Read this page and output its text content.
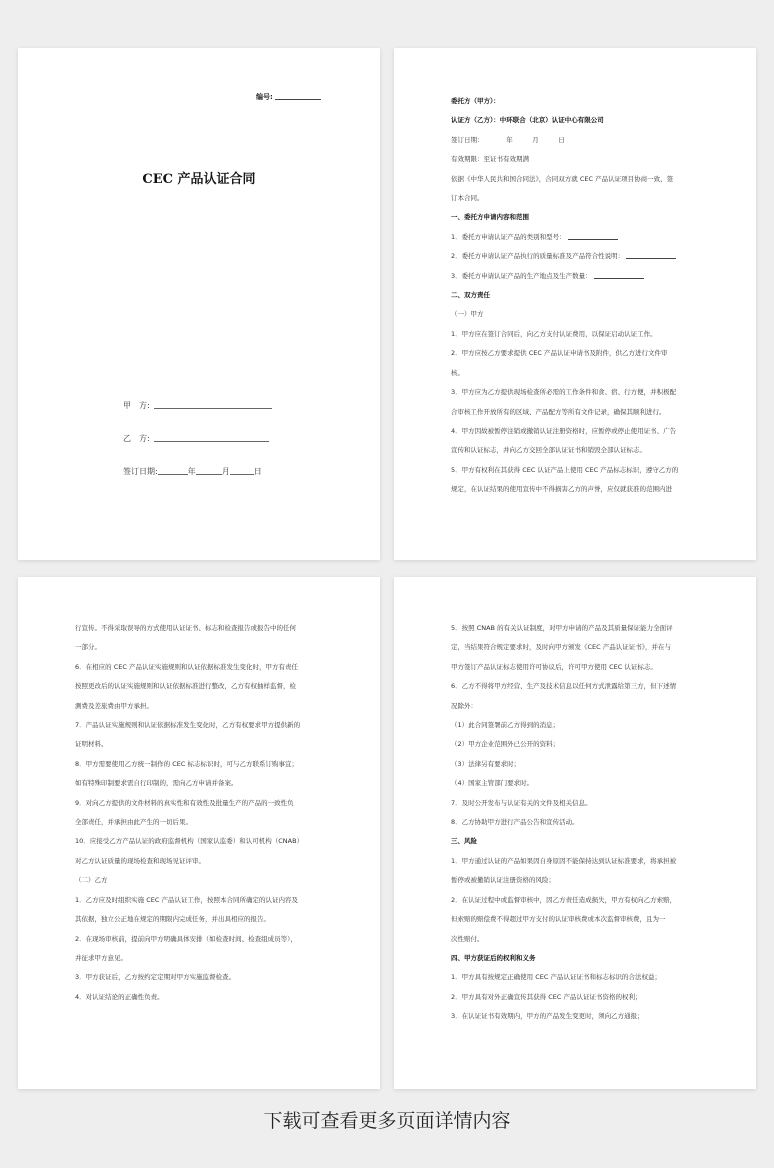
编号:
CEC 产品认证合同
甲　方:
乙　方:
签订日期:	年	月	日
委托方（甲方）：
认证方（乙方）：中环联合（北京）认证中心有限公司
签订日期：　　　　年　　　月　　　日
有效期限：至证书有效期满
依据《中华人民共和国合同法》，合同双方就 CEC 产品认证项目协商一致，签
订本合同。
一、委托方申请内容和范围
1．委托方申请认证产品的类别和型号：
2．委托方申请认证产品执行的质量标准及产品符合性说明：
3．委托方申请认证产品的生产地点及生产数量：
二、双方责任
（一）甲方
1．甲方应在签订合同后，向乙方支付认证费用，以保证启动认证工作。
2．甲方应按乙方要求提供 CEC 产品认证申请书及附件，供乙方进行文件审
核。
3．甲方应为乙方提供现场检查所必需的工作条件和食、宿、行方便，并积极配
合审核工作开放所有的区域、产品配方等所有文件记录，确保其顺利进行。
4．甲方因故被暂停注销或撤销认证注册资格时，应暂停或停止使用证书、广告
宣传和认证标志，并向乙方交回全部认证证书和销毁全部认证标志。
5．甲方有权利在其获得 CEC 认证产品上使用 CEC 产品标志标识，遵守乙方的
规定，在认证结果的使用宣传中不得损害乙方的声誉，应仅就获准的范围内进
行宣传。不得采取误导的方式使用认证证书、标志和检查报告或报告中的任何
一部分。
6．在相应的 CEC 产品认证实施规则和认证依据标准发生变化时，甲方有责任
按照更改后的认证实施规则和认证依据标准进行整改，乙方有权抽样监督，检
测费及差旅费由甲方承担。
7．产品认证实施规则和认证依据标准发生变化时，乙方有权要求甲方提供新的
证明材料。
8．甲方需要使用乙方统一制作的 CEC 标志标识时，可与乙方联系订购事宜；
如有特殊印制要求需自行印制的，需向乙方申请并备案。
9．对向乙方提供的文件材料的真实性和有效性及批量生产的产品的一致性负
全部责任，并承担由此产生的一切后果。
10．应接受乙方产品认证的政府监督机构（国家认监委）和认可机构（CNAB）
对乙方认证质量的现场检查和现场见证评审。
（二）乙方
1．乙方应及时组织实施 CEC 产品认证工作，按照本合同所确定的认证内容及
其依据，独立公正地在规定的期限内完成任务，并出具相应的报告。
2．在现场审核前，提前向甲方明确具体安排（如检查时间、检查组成员等），
并征求甲方意见。
3．甲方获证后，乙方按约定定期对甲方实施监督检查。
4．对认证结论的正确性负责。
5．按照 CNAB 的有关认证制度，对甲方申请的产品及其质量保证能力全面评
定，当结果符合规定要求时，及时向甲方颁发《CEC 产品认证证书》，并在与
甲方签订产品认证标志使用许可协议后，许可甲方使用 CEC 认证标志。
6．乙方不得将甲方经营、生产及技术信息以任何方式泄露给第三方，但下述情
况除外：
（1）此合同签署前乙方得到的消息；
（2）甲方企业范围外已公开的资料；
（3）法律另有要求时；
（4）国家主管部门要求时。
7．及时公开发布与认证有关的文件及相关信息。
8．乙方协助甲方进行产品公告和宣传活动。
三、风险
1．甲方通过认证的产品如果因自身原因不能保持达到认证标准要求，将承担被
暂停或被撤销认证注册资格的风险；
2．在认证过程中或监督审核中，因乙方责任造成损失，甲方有权向乙方索赔，
但索赔的赔偿费不得超过甲方支付的认证审核费或本次监督审核费，且为一
次性赔付。
四、甲方获证后的权利和义务
1．甲方具有按规定正确使用 CEC 产品认证证书和标志标识的合法权益；
2．甲方具有对外正确宣传其获得 CEC 产品认证证书资格的权利；
3．在认证证书有效期内，甲方的产品发生变更时，须向乙方通报；
下载可查看更多页面详情内容
